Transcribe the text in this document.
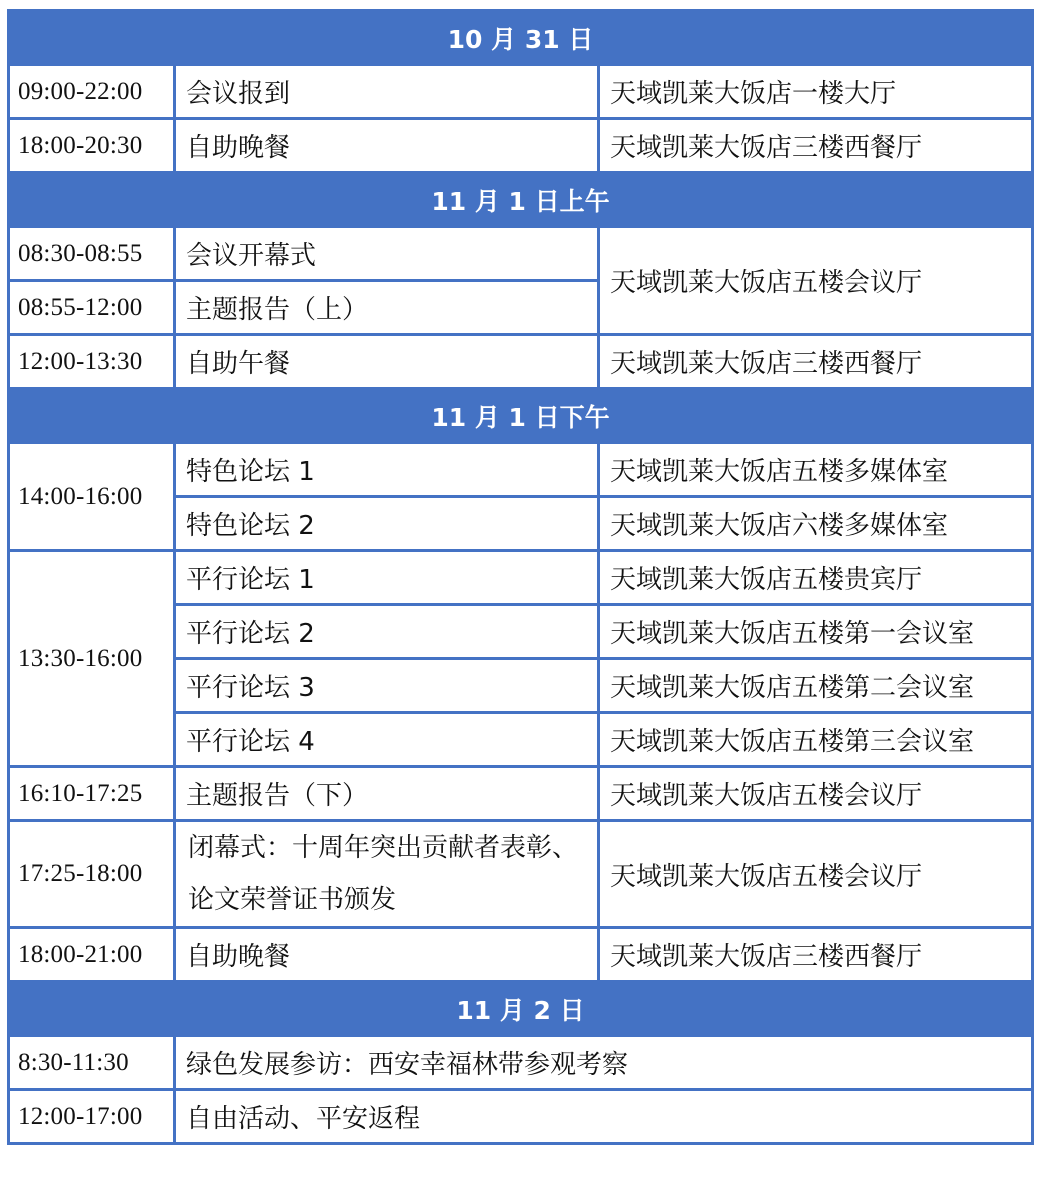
10 月 31 日		
09:00-22:00	会议报到	天域凯莱大饭店一楼大厅
18:00-20:30	自助晚餐	天域凯莱大饭店三楼西餐厅
11 月 1 日上午		
08:30-08:55	会议开幕式	天域凯莱大饭店五楼会议厅
08:55-12:00	主题报告（上）	
12:00-13:30	自助午餐	天域凯莱大饭店三楼西餐厅
11 月 1 日下午		
14:00-16:00	特色论坛 1	天域凯莱大饭店五楼多媒体室
	特色论坛 2	天域凯莱大饭店六楼多媒体室
13:30-16:00	平行论坛 1	天域凯莱大饭店五楼贵宾厅
	平行论坛 2	天域凯莱大饭店五楼第一会议室
	平行论坛 3	天域凯莱大饭店五楼第二会议室
	平行论坛 4	天域凯莱大饭店五楼第三会议室
16:10-17:25	主题报告（下）	天域凯莱大饭店五楼会议厅
17:25-18:00	闭幕式：十周年突出贡献者表彰、论文荣誉证书颁发	天域凯莱大饭店五楼会议厅
18:00-21:00	自助晚餐	天域凯莱大饭店三楼西餐厅
11 月 2 日		
8:30-11:30	绿色发展参访：西安幸福林带参观考察	
12:00-17:00	自由活动、平安返程	
